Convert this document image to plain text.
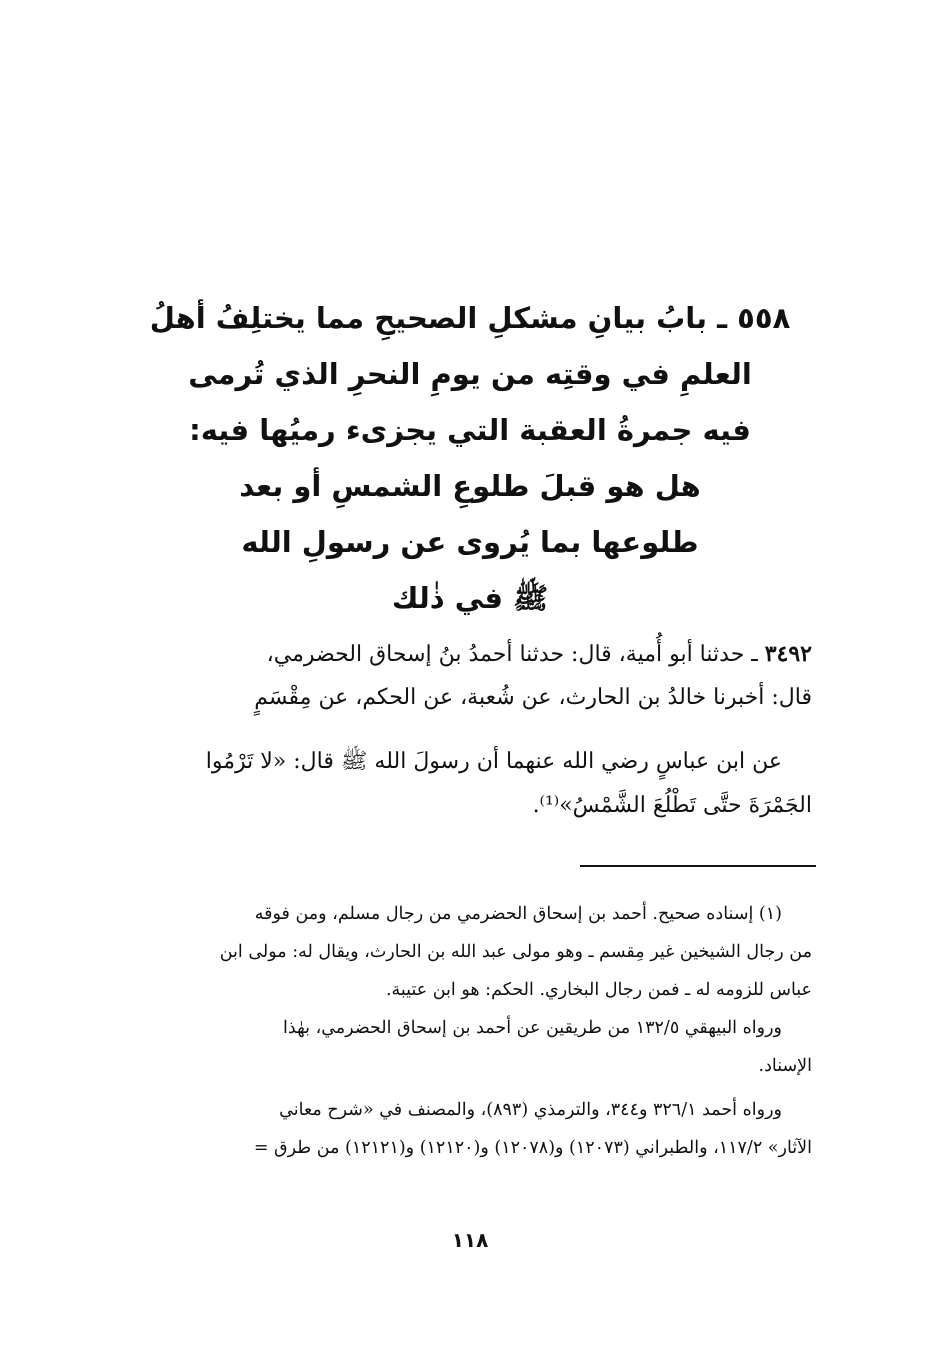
٥٥٨ ـ بابُ بيانِ مشكلِ الصحيحِ مما يختلِفُ أهلُ
العلمِ في وقتِه من يومِ النحرِ الذي تُرمى
فيه جمرةُ العقبة التي يجزىء رميُها فيه:
هل هو قبلَ طلوعِ الشمسِ أو بعد
طلوعها بما يُروى عن رسولِ الله
ﷺ في ذٰلك
٣٤٩٢ ـ حدثنا أبو أُمية، قال: حدثنا أحمدُ بنُ إسحاق الحضرمي،
قال: أخبرنا خالدُ بن الحارث، عن شُعبة، عن الحكم، عن مِقْسَمٍ
عن ابن عباسٍ رضي الله عنهما أن رسولَ الله ﷺ قال: «لا تَرْمُوا
الجَمْرَةَ حتَّى تَطْلُعَ الشَّمْسُ»⁽¹⁾.
(١) إسناده صحيح. أحمد بن إسحاق الحضرمي من رجال مسلم، ومن فوقه
من رجال الشيخين غير مِقسم ـ وهو مولى عبد الله بن الحارث، ويقال له: مولى ابن
عباس للزومه له ـ فمن رجال البخاري. الحكم: هو ابن عتيبة.
ورواه البيهقي ١٣٢/٥ من طريقين عن أحمد بن إسحاق الحضرمي، بهٰذا
الإسناد.
ورواه أحمد ٣٢٦/١ و٣٤٤، والترمذي (٨٩٣)، والمصنف في «شرح معاني
الآثار» ١١٧/٢، والطبراني (١٢٠٧٣) و(١٢٠٧٨) و(١٢١٢٠) و(١٢١٢١) من طرق =
١١٨
